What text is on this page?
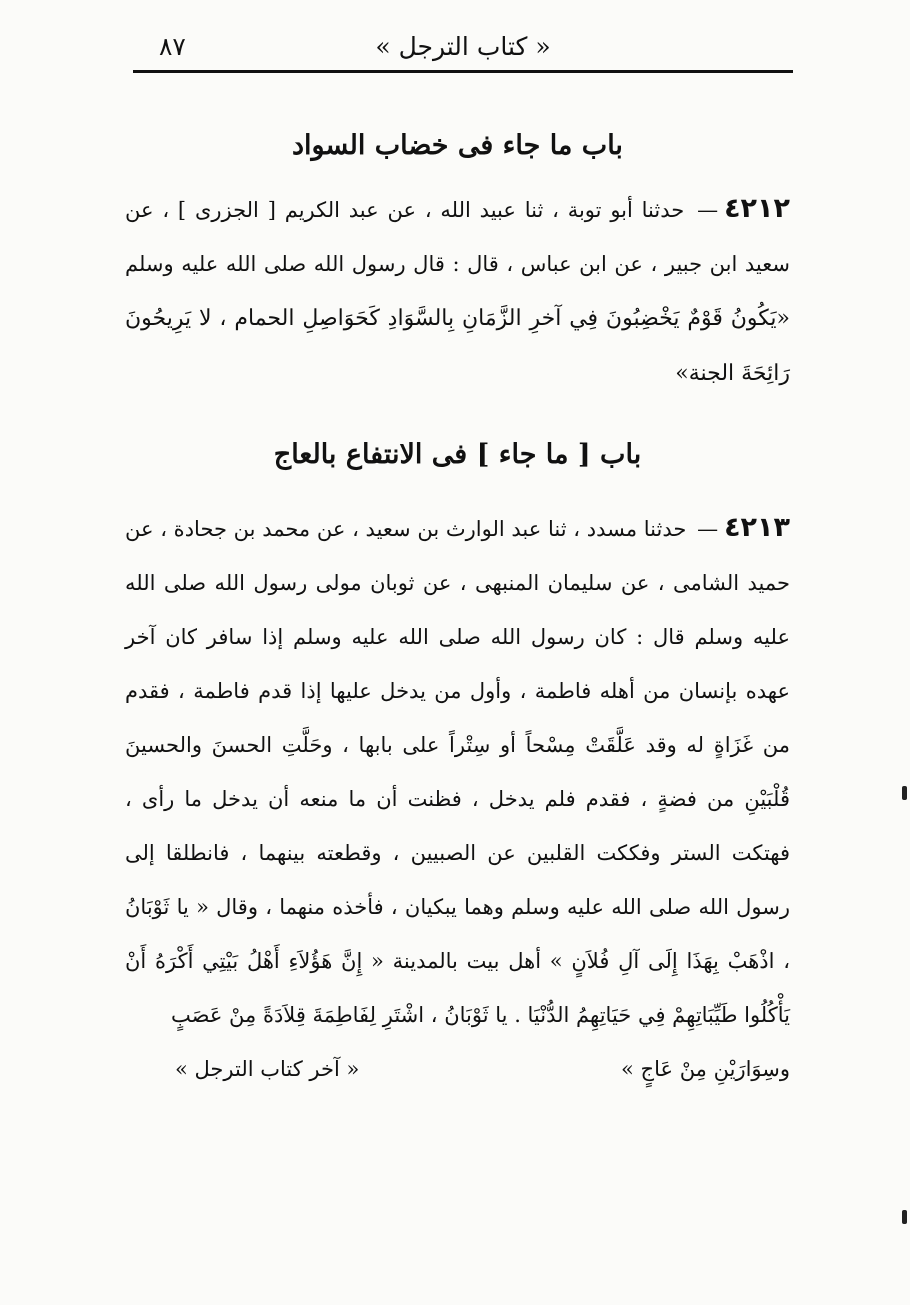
٨٧	« كتاب الترجل »
باب ما جاء فى خضاب السواد

٤٢١٢— حدثنا أبو توبة ، ثنا عبيد الله ، عن عبد الكريم [ الجزرى ] ، عن سعيد ابن جبير ، عن ابن عباس ، قال : قال رسول الله صلى الله عليه وسلم «يَكُونُ قَوْمٌ يَخْضِبُونَ فِي آخرِ الزَّمَانِ بِالسَّوَادِ كَحَوَاصِلِ الحمام ، لا يَرِيحُونَ رَائِحَةَ الجنة»

باب [ ما جاء ] فى الانتفاع بالعاج

٤٢١٣— حدثنا مسدد ، ثنا عبد الوارث بن سعيد ، عن محمد بن جحادة ، عن حميد الشامى ، عن سليمان المنبهى ، عن ثوبان مولى رسول الله صلى الله عليه وسلم قال : كان رسول الله صلى الله عليه وسلم إذا سافر كان آخر عهده بإنسان من أهله فاطمة ، وأول من يدخل عليها إذا قدم فاطمة ، فقدم من غَزَاةٍ له وقد عَلَّقَتْ مِسْحاً أو سِتْراً على بابها ، وحَلَّتِ الحسنَ والحسينَ قُلْبَيْنِ من فضةٍ ، فقدم فلم يدخل ، فظنت أن ما منعه أن يدخل ما رأى ، فهتكت الستر وفككت القلبين عن الصبيين ، وقطعته بينهما ، فانطلقا إلى رسول الله صلى الله عليه وسلم وهما يبكيان ، فأخذه منهما ، وقال « يا ثَوْبَانُ ، اذْهَبْ بِهَذَا إِلَى آلِ فُلاَنٍ » أهل بيت بالمدينة « إِنَّ هَؤُلاَءِ أَهْلُ بَيْتِي أَكْرَهُ أَنْ يَأْكُلُوا طَيِّبَاتِهِمْ فِي حَيَاتِهِمُ الدُّنْيَا . يا ثَوْبَانُ ، اشْتَرِ لِفَاطِمَةَ قِلاَدَةً مِنْ عَصَبٍ

وسِوَارَيْنِ مِنْ عَاجٍ »
« آخر كتاب الترجل »
